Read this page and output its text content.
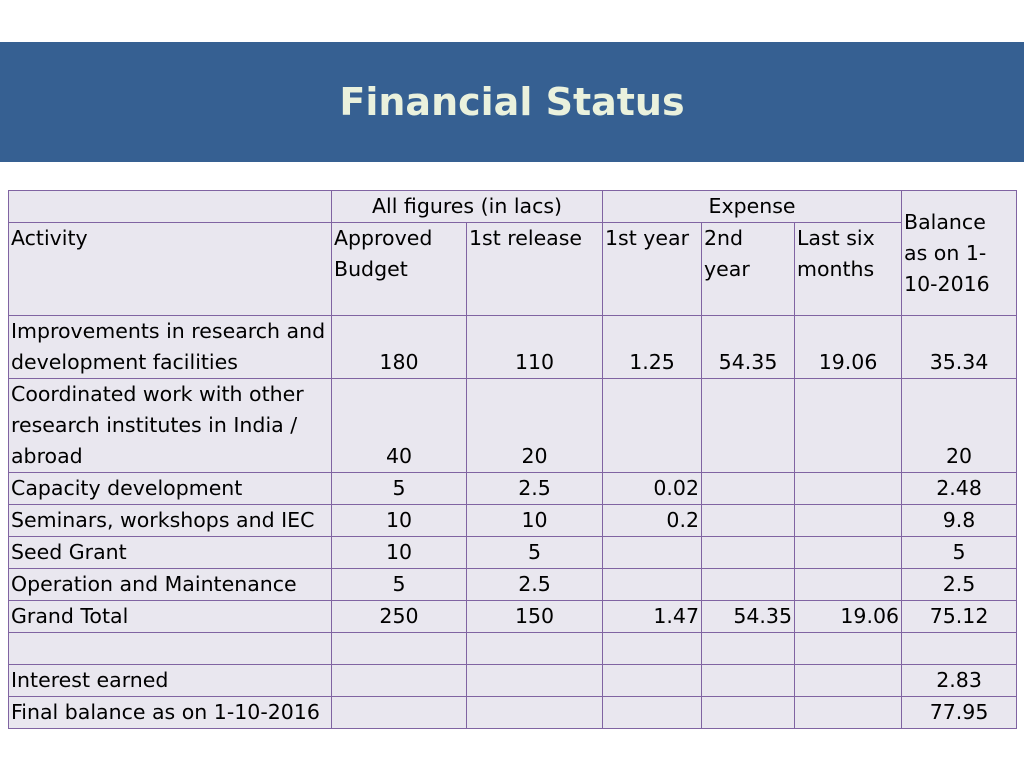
Financial Status
	All figures (in lacs)		Expense			Balance as on 1-10-2016
Activity	Approved Budget	1st release	1st year	2nd year	Last six months	
Improvements in research and development facilities	180	110	1.25	54.35	19.06	35.34
Coordinated work with other research institutes in India / abroad	40	20				20
Capacity development	5	2.5	0.02			2.48
Seminars, workshops and IEC	10	10	0.2			9.8
Seed Grant	10	5				5
Operation and Maintenance	5	2.5				2.5
Grand Total	250	150	1.47	54.35	19.06	75.12

Interest earned						2.83
Final balance as on 1-10-2016						77.95
